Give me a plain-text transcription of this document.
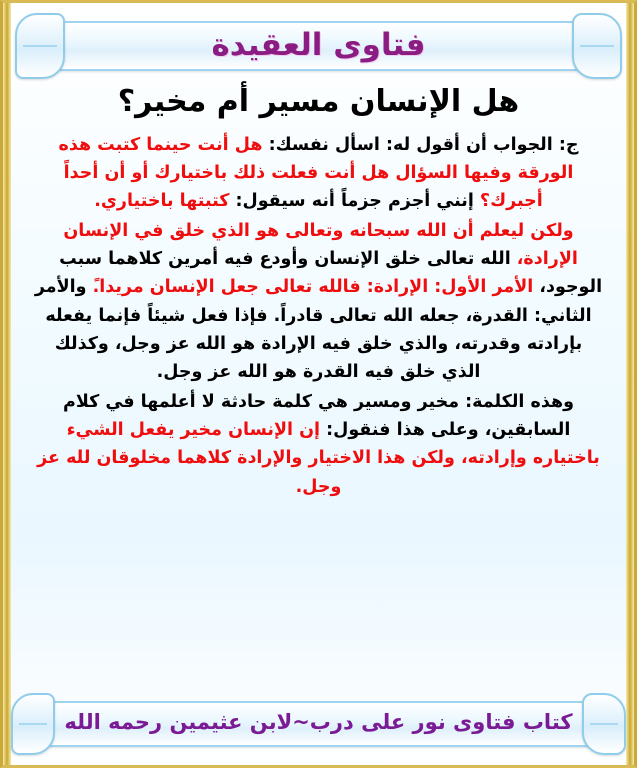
فتاوى العقيدة
هل الإنسان مسير أم مخير؟

ج: الجواب أن أقول له: اسأل نفسك: هل أنت حينما كتبت هذه الورقة وفيها السؤال هل أنت فعلت ذلك باختيارك أو أن أحداً أجبرك؟ إنني أجزم جزماً أنه سيقول: كتبتها باختياري.

ولكن ليعلم أن الله سبحانه وتعالى هو الذي خلق في الإنسان الإرادة، الله تعالى خلق الإنسان وأودع فيه أمرين كلاهما سبب الوجود، الأمر الأول: الإرادة: فالله تعالى جعل الإنسان مريدا.ً والأمر الثاني: القدرة، جعله الله تعالى قادراً. فإذا فعل شيئاً فإنما يفعله بإرادته وقدرته، والذي خلق فيه الإرادة هو الله عز وجل، وكذلك الذي خلق فيه القدرة هو الله عز وجل.

وهذه الكلمة: مخير ومسير هي كلمة حادثة لا أعلمها في كلام السابقين، وعلى هذا فنقول: إن الإنسان مخير يفعل الشيء باختياره وإرادته، ولكن هذا الاختيار والإرادة كلاهما مخلوقان لله عز وجل.

كتاب فتاوى نور على درب~لابن عثيمين رحمه الله
